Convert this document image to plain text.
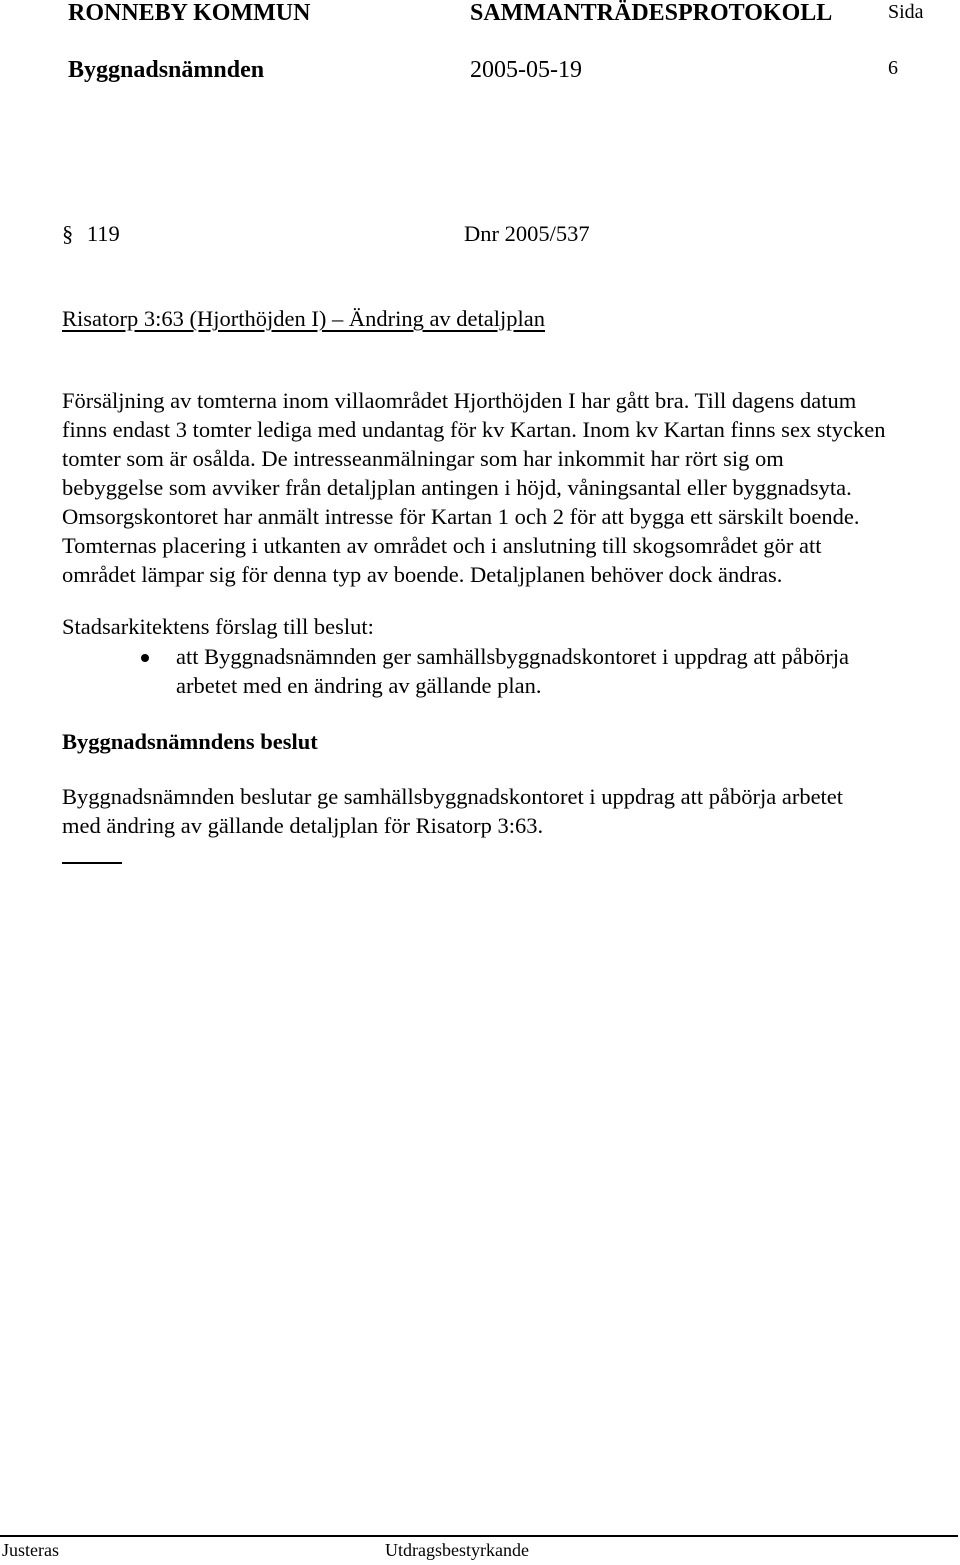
RONNEBY KOMMUN	SAMMANTRÄDESPROTOKOLL	Sida
Byggnadsnämnden	2005-05-19	6
§ 119	Dnr 2005/537
Risatorp 3:63 (Hjorthöjden I) – Ändring av detaljplan
Försäljning av tomterna inom villaområdet Hjorthöjden I har gått bra. Till dagens datum
finns endast 3 tomter lediga med undantag för kv Kartan. Inom kv Kartan finns sex stycken
tomter som är osålda. De intresseanmälningar som har inkommit har rört sig om
bebyggelse som avviker från detaljplan antingen i höjd, våningsantal eller byggnadsyta.
Omsorgskontoret har anmält intresse för Kartan 1 och 2 för att bygga ett särskilt boende.
Tomternas placering i utkanten av området och i anslutning till skogsområdet gör att
området lämpar sig för denna typ av boende. Detaljplanen behöver dock ändras.
Stadsarkitektens förslag till beslut:
att Byggnadsnämnden ger samhällsbyggnadskontoret i uppdrag att påbörja
arbetet med en ändring av gällande plan.
Byggnadsnämndens beslut
Byggnadsnämnden beslutar ge samhällsbyggnadskontoret i uppdrag att påbörja arbetet
med ändring av gällande detaljplan för Risatorp 3:63.
Justeras	Utdragsbestyrkande
